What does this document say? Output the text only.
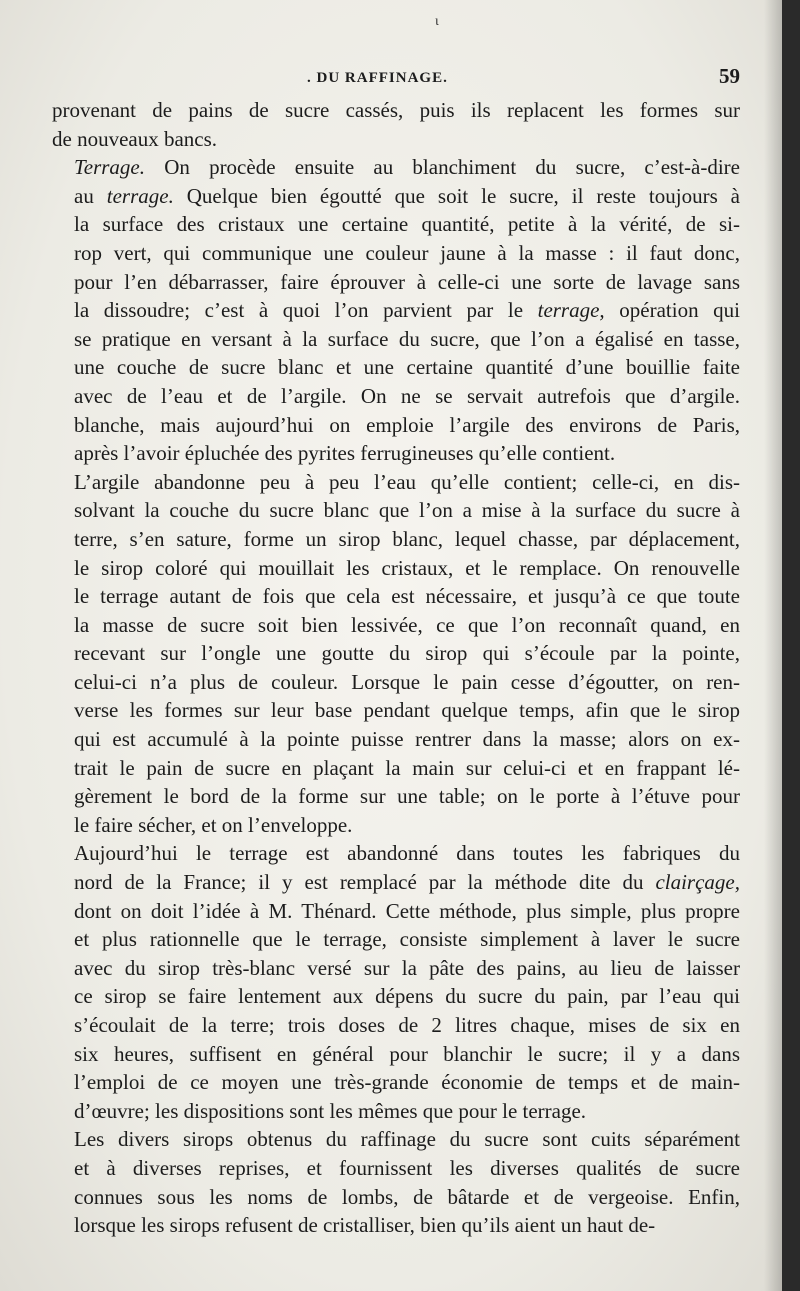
ι
. DU RAFFINAGE.	59

provenant de pains de sucre cassés, puis ils replacent les formes sur
de nouveaux bancs.

Terrage. On procède ensuite au blanchiment du sucre, c’est-à-dire
au terrage. Quelque bien égoutté que soit le sucre, il reste toujours à
la surface des cristaux une certaine quantité, petite à la vérité, de si-
rop vert, qui communique une couleur jaune à la masse : il faut donc,
pour l’en débarrasser, faire éprouver à celle-ci une sorte de lavage sans
la dissoudre; c’est à quoi l’on parvient par le terrage, opération qui
se pratique en versant à la surface du sucre, que l’on a égalisé en tasse,
une couche de sucre blanc et une certaine quantité d’une bouillie faite
avec de l’eau et de l’argile. On ne se servait autrefois que d’argile.
blanche, mais aujourd’hui on emploie l’argile des environs de Paris,
après l’avoir épluchée des pyrites ferrugineuses qu’elle contient.

L’argile abandonne peu à peu l’eau qu’elle contient; celle-ci, en dis-
solvant la couche du sucre blanc que l’on a mise à la surface du sucre à
terre, s’en sature, forme un sirop blanc, lequel chasse, par déplacement,
le sirop coloré qui mouillait les cristaux, et le remplace. On renouvelle
le terrage autant de fois que cela est nécessaire, et jusqu’à ce que toute
la masse de sucre soit bien lessivée, ce que l’on reconnaît quand, en
recevant sur l’ongle une goutte du sirop qui s’écoule par la pointe,
celui-ci n’a plus de couleur. Lorsque le pain cesse d’égoutter, on ren-
verse les formes sur leur base pendant quelque temps, afin que le sirop
qui est accumulé à la pointe puisse rentrer dans la masse; alors on ex-
trait le pain de sucre en plaçant la main sur celui-ci et en frappant lé-
gèrement le bord de la forme sur une table; on le porte à l’étuve pour
le faire sécher, et on l’enveloppe.

Aujourd’hui le terrage est abandonné dans toutes les fabriques du
nord de la France; il y est remplacé par la méthode dite du clairçage,
dont on doit l’idée à M. Thénard. Cette méthode, plus simple, plus propre
et plus rationnelle que le terrage, consiste simplement à laver le sucre
avec du sirop très-blanc versé sur la pâte des pains, au lieu de laisser
ce sirop se faire lentement aux dépens du sucre du pain, par l’eau qui
s’écoulait de la terre; trois doses de 2 litres chaque, mises de six en
six heures, suffisent en général pour blanchir le sucre; il y a dans
l’emploi de ce moyen une très-grande économie de temps et de main-
d’œuvre; les dispositions sont les mêmes que pour le terrage.

Les divers sirops obtenus du raffinage du sucre sont cuits séparément
et à diverses reprises, et fournissent les diverses qualités de sucre
connues sous les noms de lombs, de bâtarde et de vergeoise. Enfin,
lorsque les sirops refusent de cristalliser, bien qu’ils aient un haut de-
